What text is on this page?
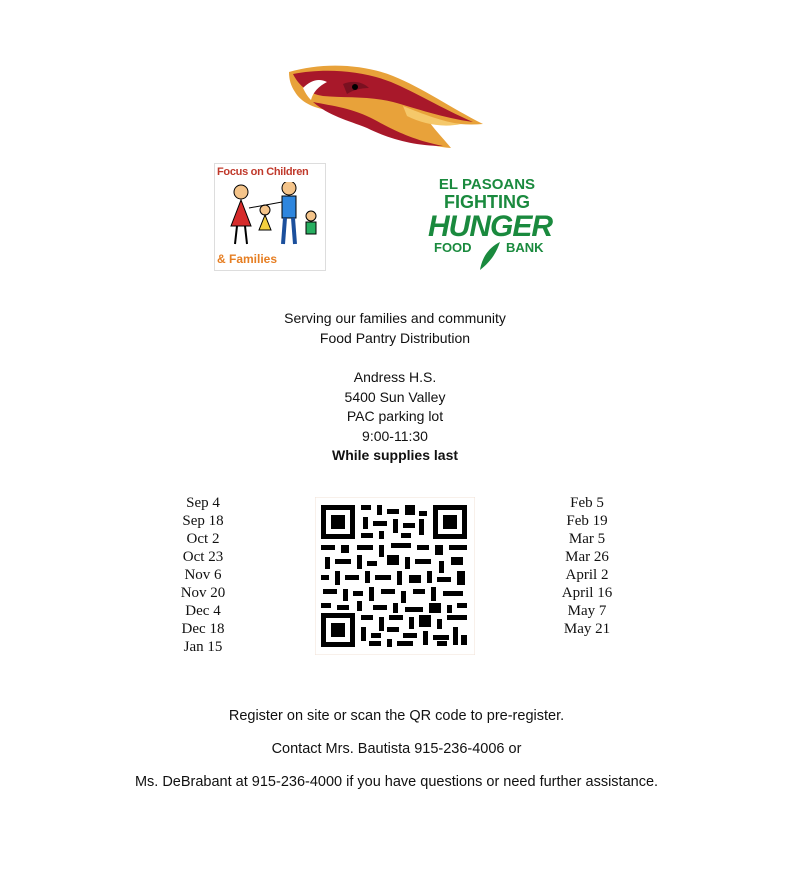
Focus on Children
& Families
EL PASOANS
FIGHTING
HUNGER
FOOD	BANK
Serving our families and community
Food Pantry Distribution
Andress H.S.
5400 Sun Valley
PAC parking lot
9:00-11:30
While supplies last
Sep 4
Sep 18
Oct 2
Oct 23
Nov 6
Nov 20
Dec 4
Dec 18
Jan 15
Feb 5
Feb 19
Mar 5
Mar 26
April 2
April 16
May 7
May 21
Register on site or scan the QR code to pre-register.
Contact Mrs. Bautista 915-236-4006 or
Ms. DeBrabant at 915-236-4000 if you have questions or need further assistance.
